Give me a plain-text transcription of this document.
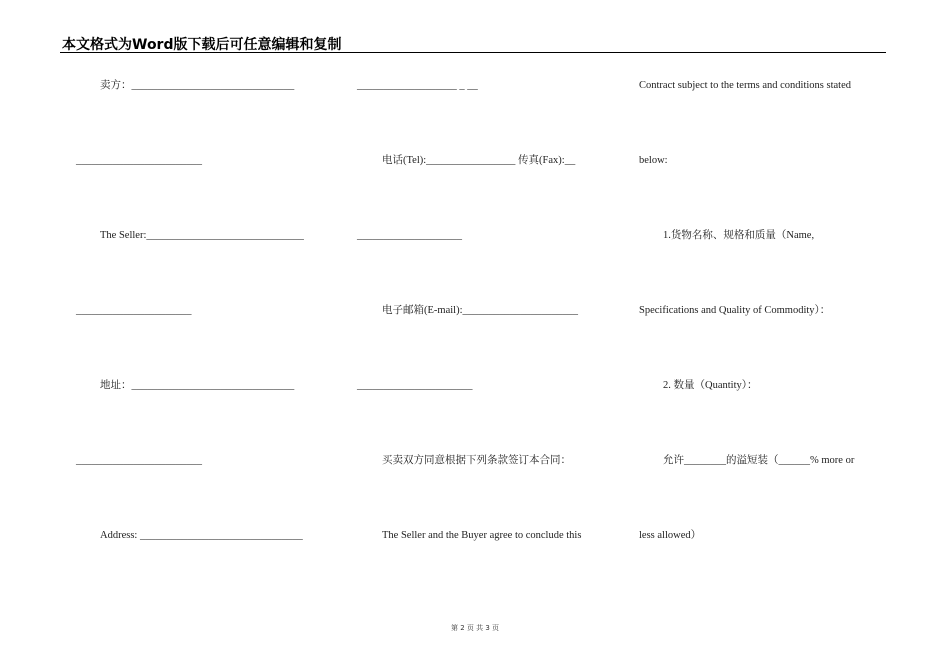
本文格式为Word版下载后可任意编辑和复制
卖方：_______________________________
________________________
The Seller:______________________________
______________________
地址：_______________________________
________________________
Address: _______________________________
___________________ _ __
电话(Tel):_________________ 传真(Fax):__
____________________
电子邮箱(E-mail):______________________
______________________
买卖双方同意根据下列条款签订本合同：
The Seller and the Buyer agree to conclude this
Contract subject to the terms and conditions stated
below:
1.货物名称、规格和质量（Name,
Specifications and Quality of Commodity）：
2. 数量（Quantity）：
允许________的溢短装（______% more or
less allowed）
第 2 页 共 3 页
